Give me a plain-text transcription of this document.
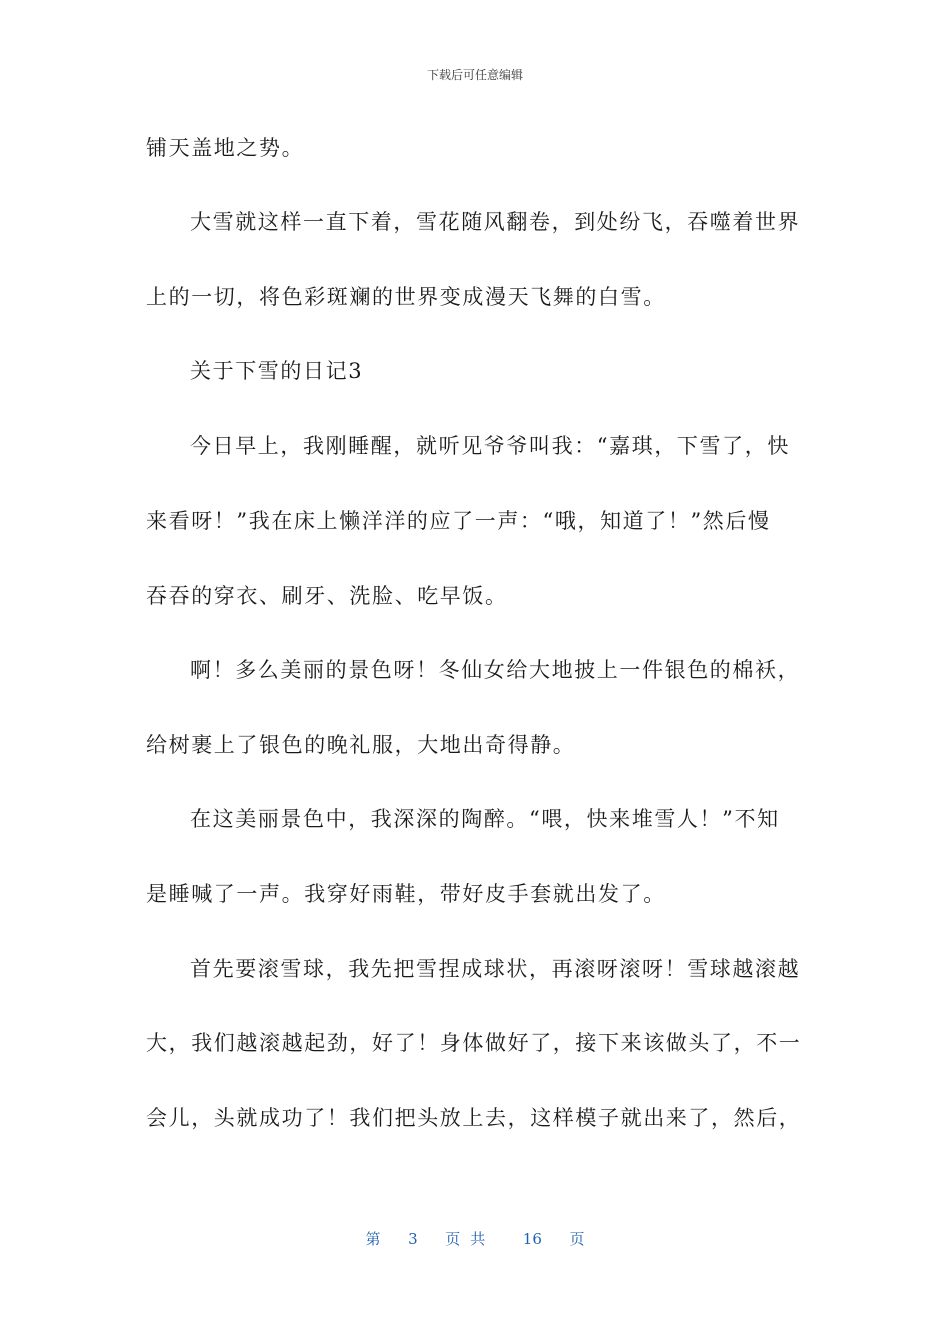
下载后可任意编辑
铺天盖地之势。
大雪就这样一直下着，雪花随风翻卷，到处纷飞，吞噬着世界
上的一切，将色彩斑斓的世界变成漫天飞舞的白雪。
关于下雪的日记3
今日早上，我刚睡醒，就听见爷爷叫我：“嘉琪，下雪了，快
来看呀！”我在床上懒洋洋的应了一声：“哦，知道了！”然后慢
吞吞的穿衣、刷牙、洗脸、吃早饭。
啊！多么美丽的景色呀！冬仙女给大地披上一件银色的棉袄，
给树裹上了银色的晚礼服，大地出奇得静。
在这美丽景色中，我深深的陶醉。“喂，快来堆雪人！”不知
是睡喊了一声。我穿好雨鞋，带好皮手套就出发了。
首先要滚雪球，我先把雪捏成球状，再滚呀滚呀！雪球越滚越
大，我们越滚越起劲，好了！身体做好了，接下来该做头了，不一
会儿，头就成功了！我们把头放上去，这样模子就出来了，然后，
第 3 页共 16 页
